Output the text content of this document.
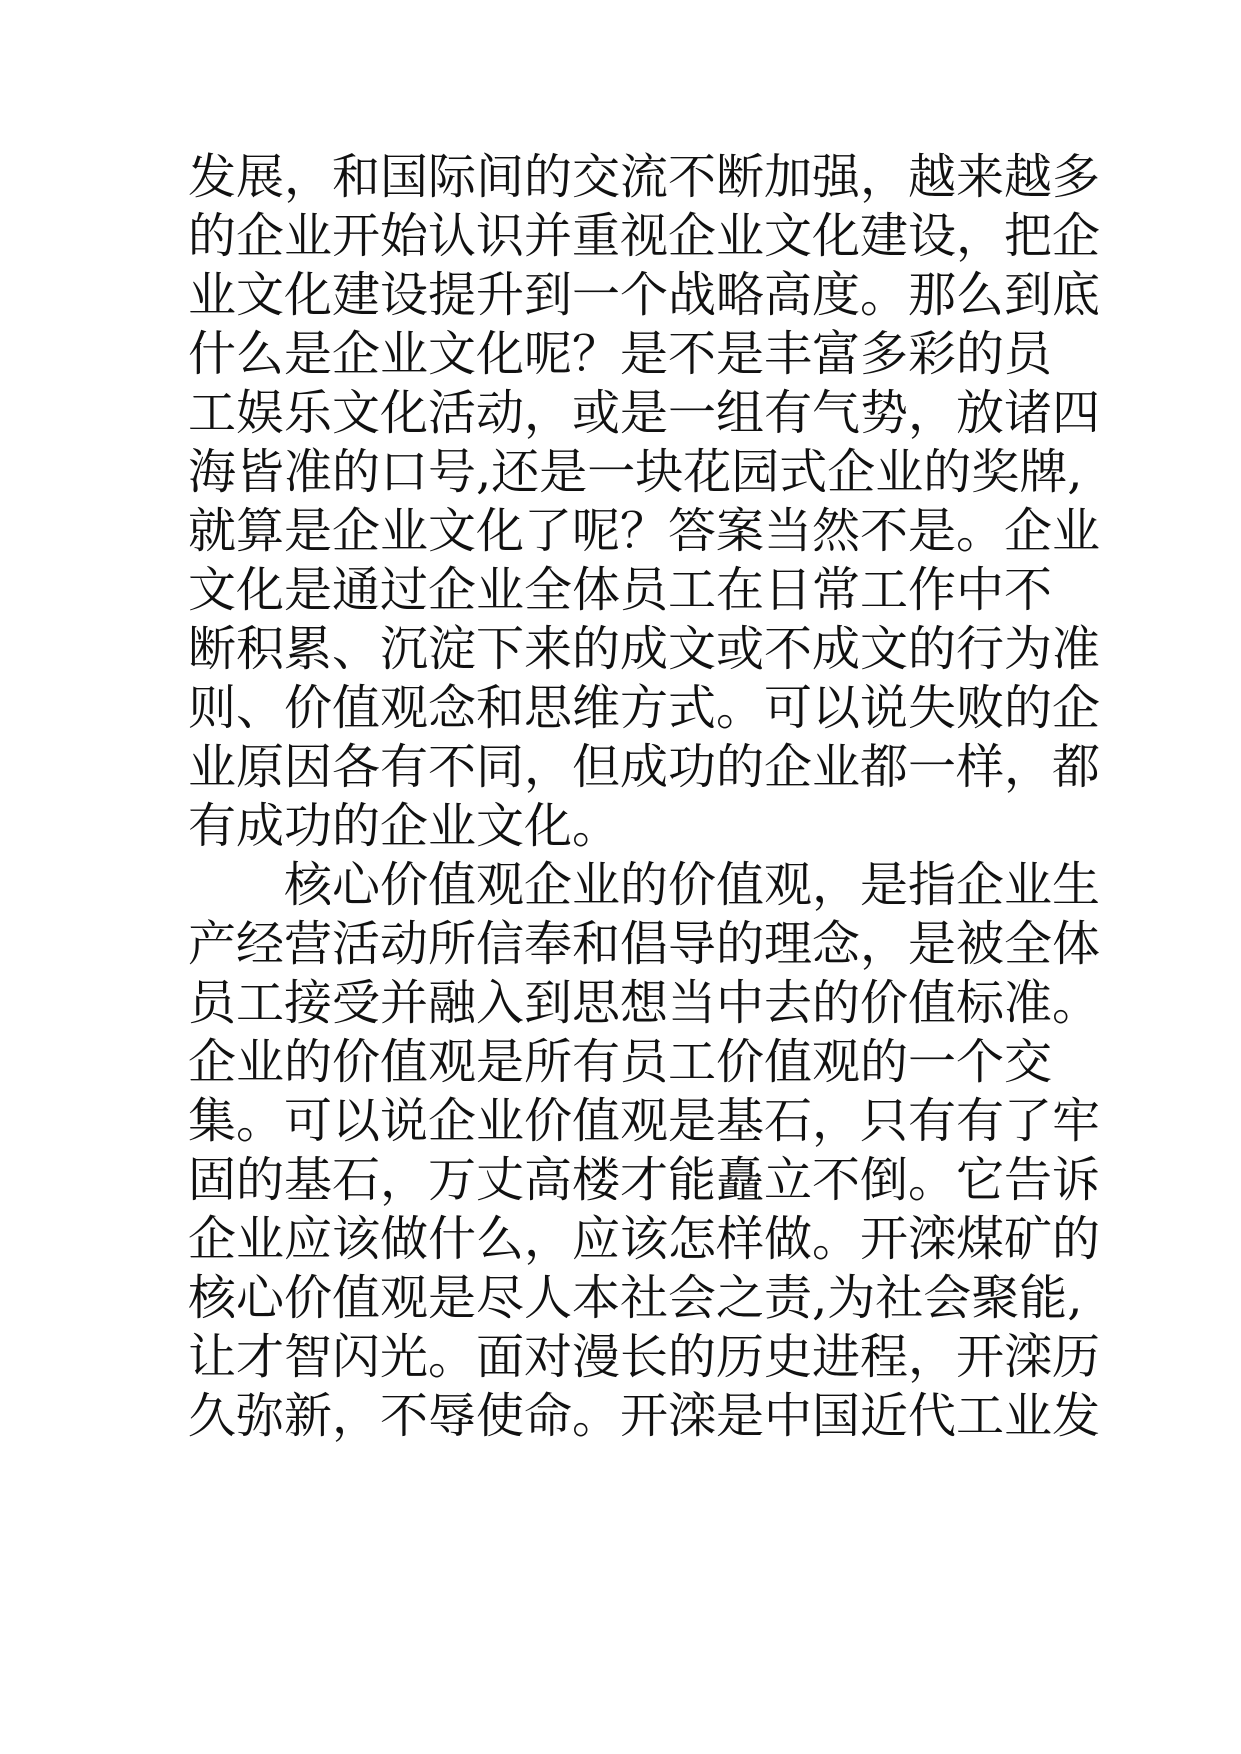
发展，和国际间的交流不断加强，越来越多
的企业开始认识并重视企业文化建设，把企
业文化建设提升到一个战略高度。那么到底
什么是企业文化呢？是不是丰富多彩的员
工娱乐文化活动，或是一组有气势，放诸四
海皆准的口号,还是一块花园式企业的奖牌,
就算是企业文化了呢？答案当然不是。企业
文化是通过企业全体员工在日常工作中不
断积累、沉淀下来的成文或不成文的行为准
则、价值观念和思维方式。可以说失败的企
业原因各有不同，但成功的企业都一样，都
有成功的企业文化。
核心价值观企业的价值观，是指企业生
产经营活动所信奉和倡导的理念，是被全体
员工接受并融入到思想当中去的价值标准。
企业的价值观是所有员工价值观的一个交
集。可以说企业价值观是基石，只有有了牢
固的基石，万丈高楼才能矗立不倒。它告诉
企业应该做什么，应该怎样做。开滦煤矿的
核心价值观是尽人本社会之责,为社会聚能,
让才智闪光。面对漫长的历史进程，开滦历
久弥新，不辱使命。开滦是中国近代工业发
